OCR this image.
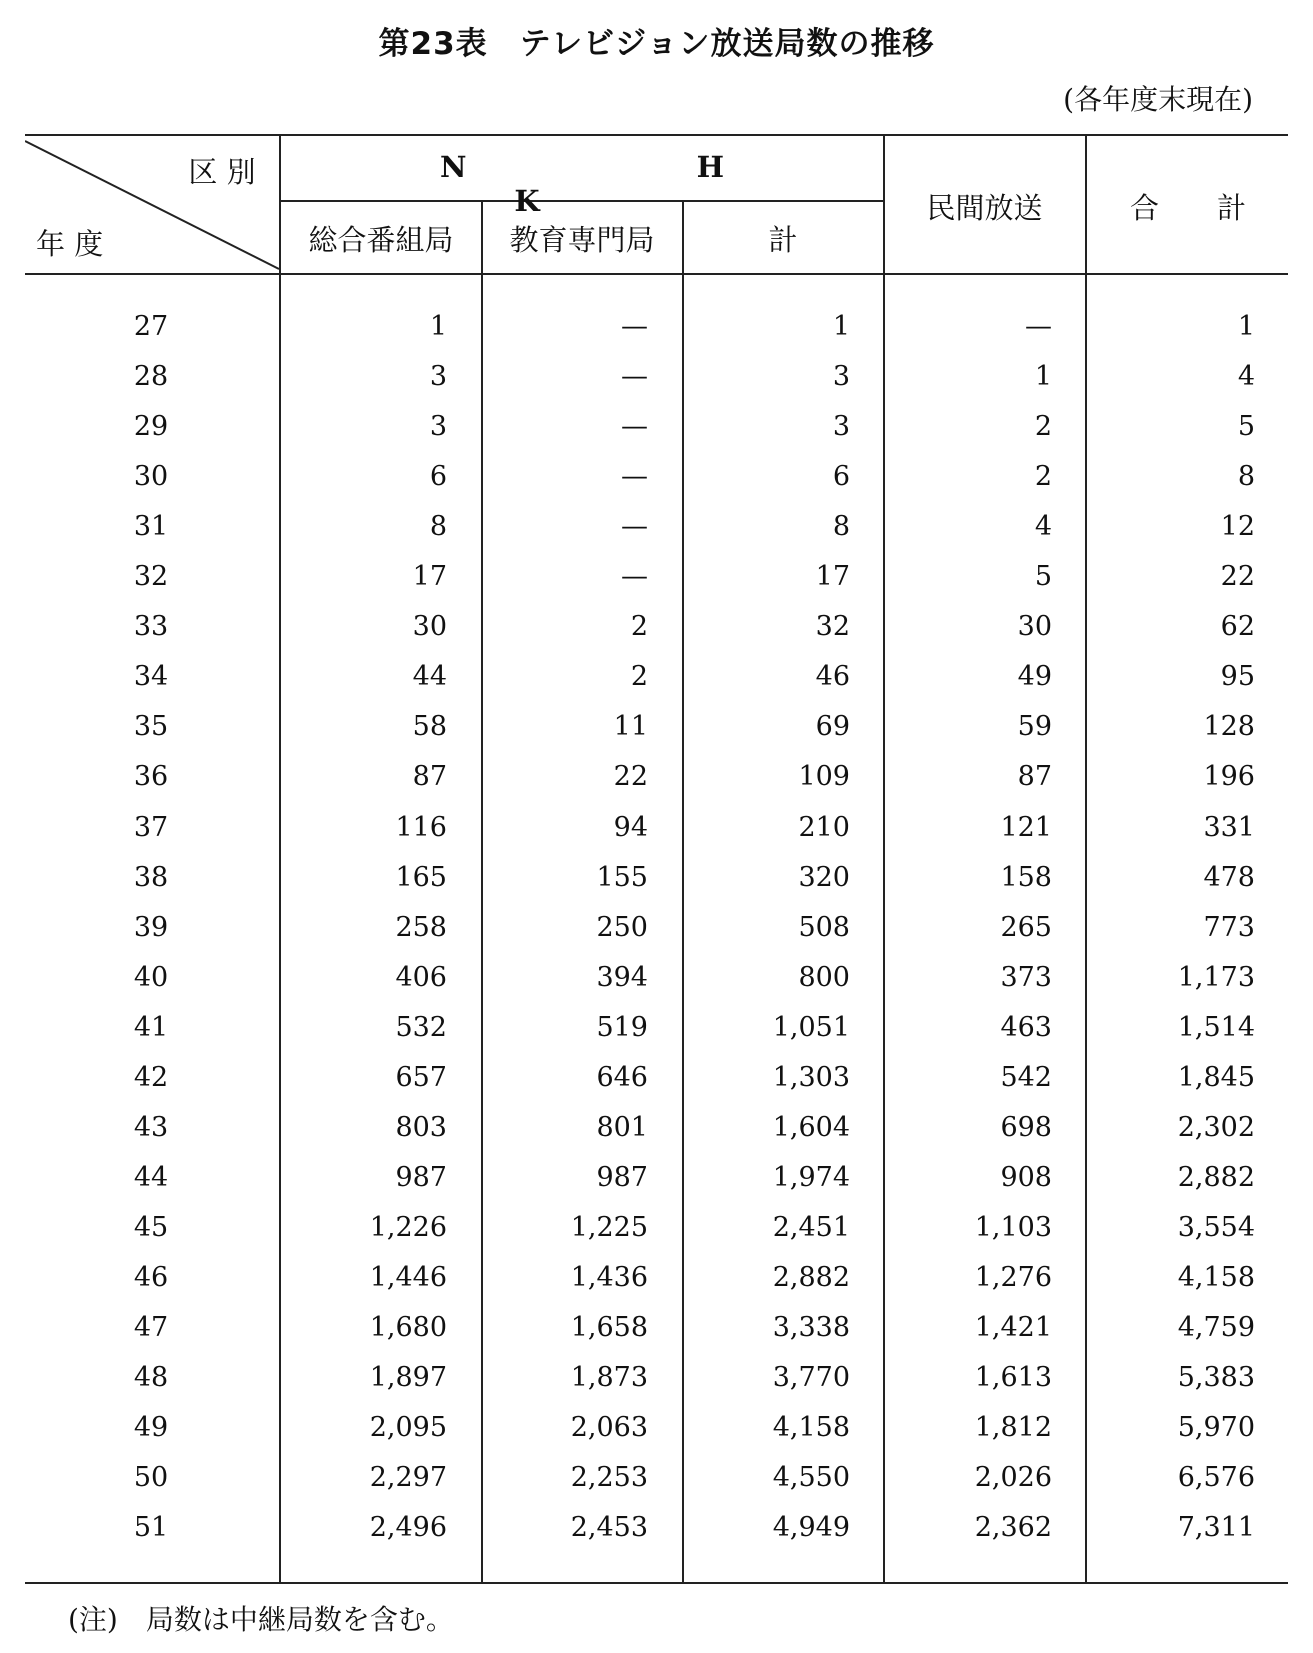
第23表　テレビジョン放送局数の推移
(各年度末現在)
区 別
年 度
N H K
総合番組局	教育専門局	計
民間放送	合　　計
27	1	—	1	—	1
28	3	—	3	1	4
29	3	—	3	2	5
30	6	—	6	2	8
31	8	—	8	4	12
32	17	—	17	5	22
33	30	2	32	30	62
34	44	2	46	49	95
35	58	11	69	59	128
36	87	22	109	87	196
37	116	94	210	121	331
38	165	155	320	158	478
39	258	250	508	265	773
40	406	394	800	373	1,173
41	532	519	1,051	463	1,514
42	657	646	1,303	542	1,845
43	803	801	1,604	698	2,302
44	987	987	1,974	908	2,882
45	1,226	1,225	2,451	1,103	3,554
46	1,446	1,436	2,882	1,276	4,158
47	1,680	1,658	3,338	1,421	4,759
48	1,897	1,873	3,770	1,613	5,383
49	2,095	2,063	4,158	1,812	5,970
50	2,297	2,253	4,550	2,026	6,576
51	2,496	2,453	4,949	2,362	7,311
(注)　局数は中継局数を含む。
